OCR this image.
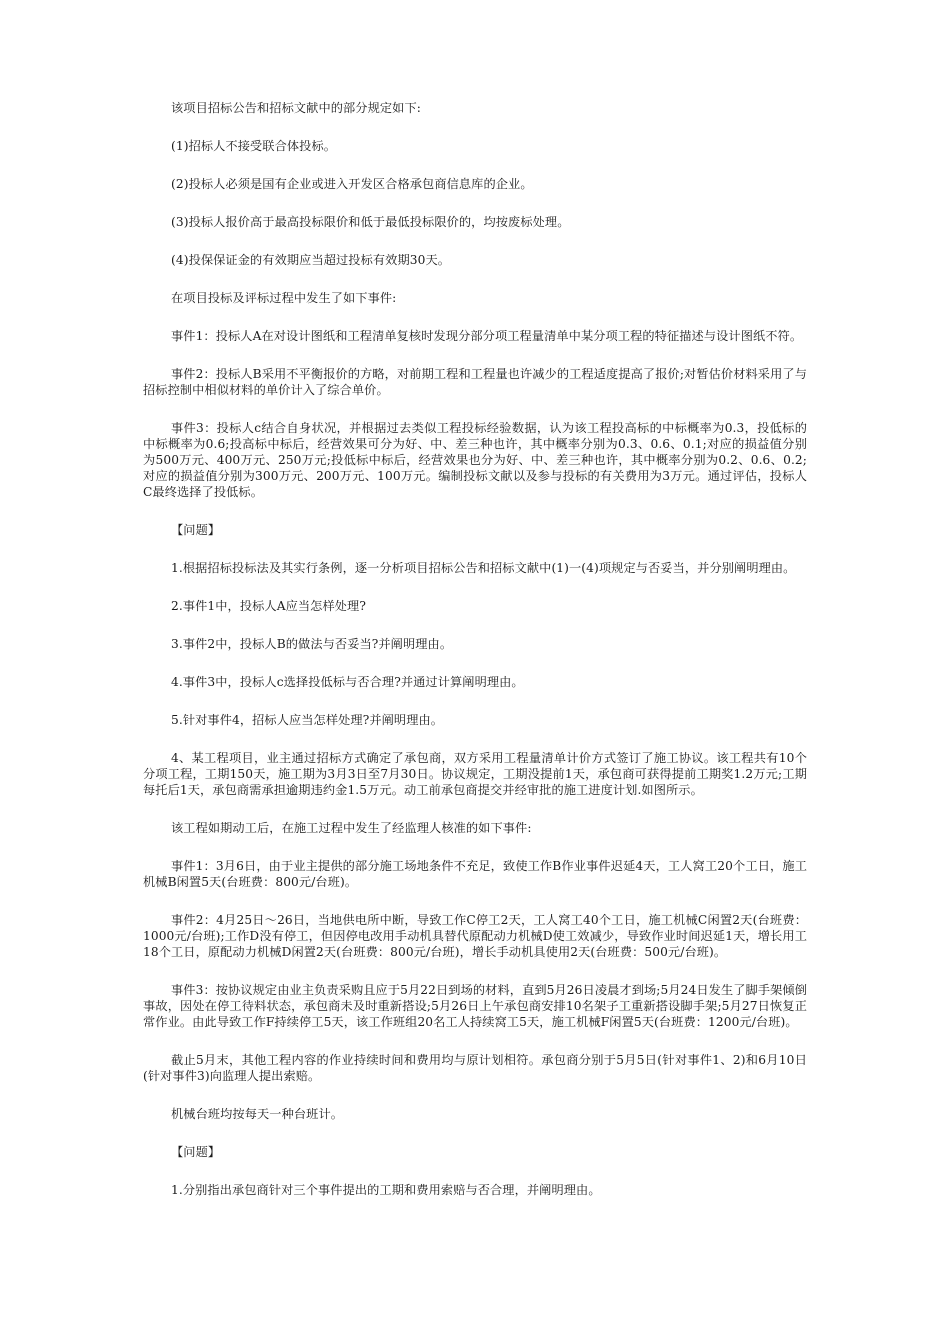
该项目招标公告和招标文献中的部分规定如下:

(1)招标人不接受联合体投标。

(2)投标人必须是国有企业或进入开发区合格承包商信息库的企业。

(3)投标人报价高于最高投标限价和低于最低投标限价的，均按废标处理。

(4)投保保证金的有效期应当超过投标有效期30天。

在项目投标及评标过程中发生了如下事件:

事件1：投标人A在对设计图纸和工程清单复核时发现分部分项工程量清单中某分项工程的特征描述与设计图纸不符。

事件2：投标人B采用不平衡报价的方略，对前期工程和工程量也许减少的工程适度提高了报价;对暂估价材料采用了与招标控制中相似材料的单价计入了综合单价。

事件3：投标人c结合自身状况，并根据过去类似工程投标经验数据，认为该工程投高标的中标概率为0.3，投低标的中标概率为0.6;投高标中标后，经营效果可分为好、中、差三种也许，其中概率分别为0.3、0.6、0.1;对应的损益值分别为500万元、400万元、250万元;投低标中标后，经营效果也分为好、中、差三种也许，其中概率分别为0.2、0.6、0.2;对应的损益值分别为300万元、200万元、100万元。编制投标文献以及参与投标的有关费用为3万元。通过评估，投标人C最终选择了投低标。

【问题】

1.根据招标投标法及其实行条例，逐一分析项目招标公告和招标文献中(1)一(4)项规定与否妥当，并分别阐明理由。

2.事件1中，投标人A应当怎样处理?

3.事件2中，投标人B的做法与否妥当?并阐明理由。

4.事件3中，投标人c选择投低标与否合理?并通过计算阐明理由。

5.针对事件4，招标人应当怎样处理?并阐明理由。

4、某工程项目，业主通过招标方式确定了承包商，双方采用工程量清单计价方式签订了施工协议。该工程共有10个分项工程，工期150天，施工期为3月3日至7月30日。协议规定，工期没提前1天，承包商可获得提前工期奖1.2万元;工期每托后1天，承包商需承担逾期违约金1.5万元。动工前承包商提交并经审批的施工进度计划.如图所示。

该工程如期动工后，在施工过程中发生了经监理人核准的如下事件:

事件1：3月6日，由于业主提供的部分施工场地条件不充足，致使工作B作业事件迟延4天，工人窝工20个工日，施工机械B闲置5天(台班费：800元/台班)。

事件2：4月25日～26日，当地供电所中断，导致工作C停工2天，工人窝工40个工日，施工机械C闲置2天(台班费：1000元/台班);工作D没有停工，但因停电改用手动机具替代原配动力机械D使工效减少，导致作业时间迟延1天，增长用工18个工日，原配动力机械D闲置2天(台班费：800元/台班)，增长手动机具使用2天(台班费：500元/台班)。

事件3：按协议规定由业主负责采购且应于5月22日到场的材料，直到5月26日凌晨才到场;5月24日发生了脚手架倾倒事故，因处在停工待料状态，承包商未及时重新搭设;5月26日上午承包商安排10名架子工重新搭设脚手架;5月27日恢复正常作业。由此导致工作F持续停工5天，该工作班组20名工人持续窝工5天，施工机械F闲置5天(台班费：1200元/台班)。

截止5月末，其他工程内容的作业持续时间和费用均与原计划相符。承包商分别于5月5日(针对事件1、2)和6月10日(针对事件3)向监理人提出索赔。

机械台班均按每天一种台班计。

【问题】

1.分别指出承包商针对三个事件提出的工期和费用索赔与否合理，并阐明理由。
